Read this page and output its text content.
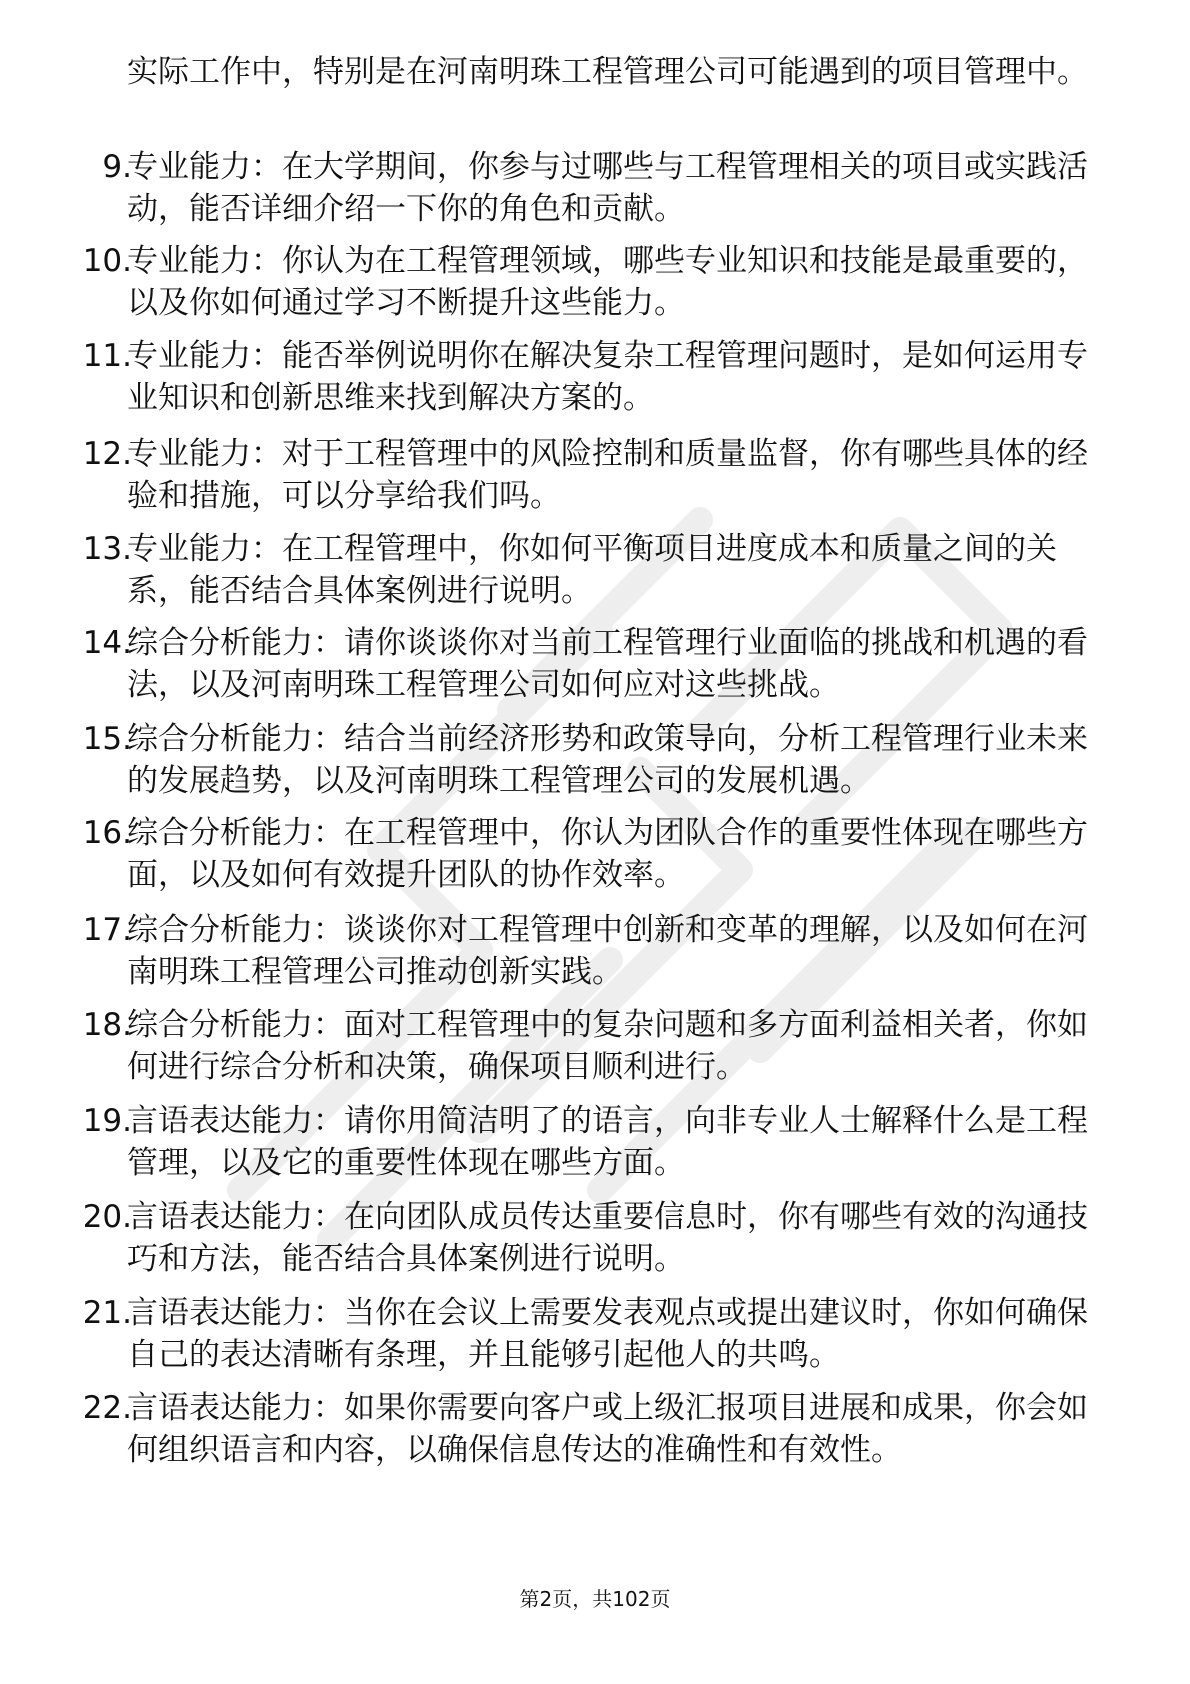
实际工作中，特别是在河南明珠工程管理公司可能遇到的项目管理中。

9.

专业能力：在大学期间，你参与过哪些与工程管理相关的项目或实践活动，能否详细介绍一下你的角色和贡献。

10.

专业能力：你认为在工程管理领域，哪些专业知识和技能是最重要的，以及你如何通过学习不断提升这些能力。

11.

专业能力：能否举例说明你在解决复杂工程管理问题时，是如何运用专业知识和创新思维来找到解决方案的。

12.

专业能力：对于工程管理中的风险控制和质量监督，你有哪些具体的经验和措施，可以分享给我们吗。

13.

专业能力：在工程管理中，你如何平衡项目进度成本和质量之间的关系，能否结合具体案例进行说明。

14.

综合分析能力：请你谈谈你对当前工程管理行业面临的挑战和机遇的看法，以及河南明珠工程管理公司如何应对这些挑战。

15.

综合分析能力：结合当前经济形势和政策导向，分析工程管理行业未来的发展趋势，以及河南明珠工程管理公司的发展机遇。

16.

综合分析能力：在工程管理中，你认为团队合作的重要性体现在哪些方面，以及如何有效提升团队的协作效率。

17.

综合分析能力：谈谈你对工程管理中创新和变革的理解，以及如何在河南明珠工程管理公司推动创新实践。

18.

综合分析能力：面对工程管理中的复杂问题和多方面利益相关者，你如何进行综合分析和决策，确保项目顺利进行。

19.

言语表达能力：请你用简洁明了的语言，向非专业人士解释什么是工程管理，以及它的重要性体现在哪些方面。

20.

言语表达能力：在向团队成员传达重要信息时，你有哪些有效的沟通技巧和方法，能否结合具体案例进行说明。

21.

言语表达能力：当你在会议上需要发表观点或提出建议时，你如何确保自己的表达清晰有条理，并且能够引起他人的共鸣。

22.

言语表达能力：如果你需要向客户或上级汇报项目进展和成果，你会如何组织语言和内容，以确保信息传达的准确性和有效性。

第2页，共102页
